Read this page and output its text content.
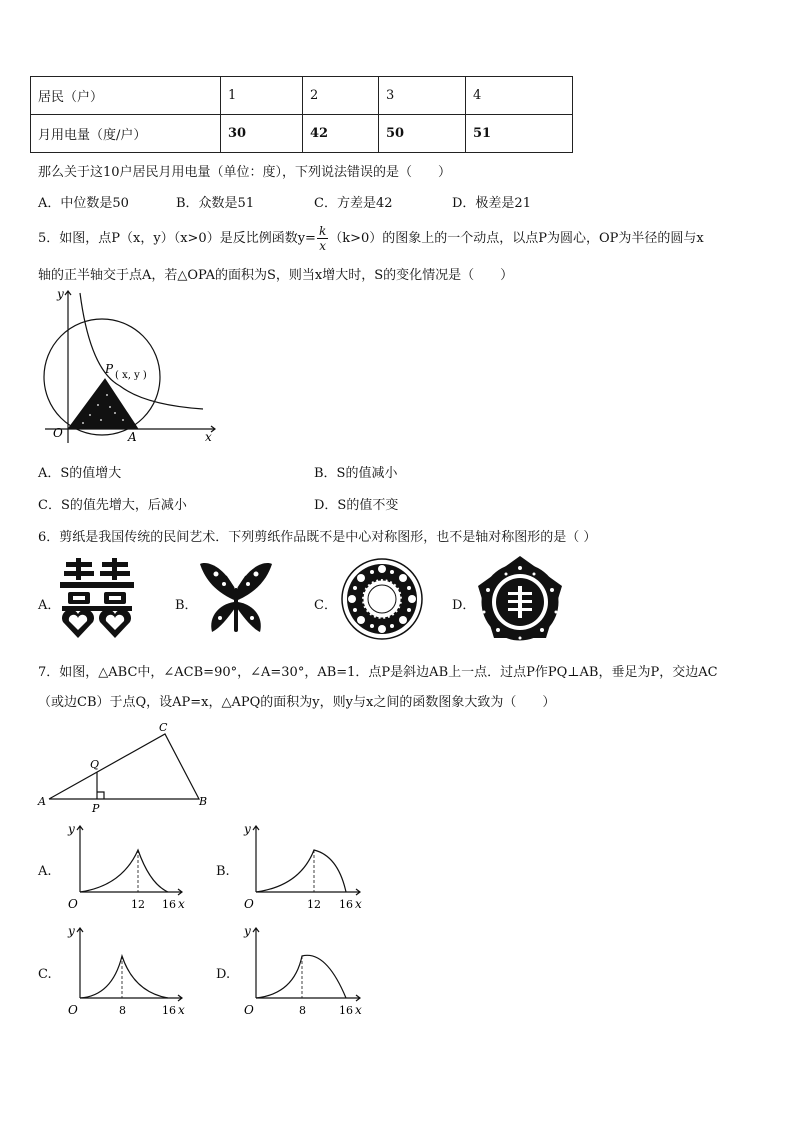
居民（户）	1	2	3	4
月用电量（度/户）	30	42	50	51
那么关于这10户居民月用电量（单位：度），下列说法错误的是（　　）
A．中位数是50	B．众数是51	C．方差是42	D．极差是21
5．如图，点P（x，y）（x>0）是反比例函数$y= \frac{k}{x} (k>0)$的图象上的一个动点，以点P为圆心，OP为半径的圆与x
轴的正半轴交于点A，若△OPA的面积为S，则当x增大时，S的变化情况是（　　）
P ( x, y )
O	A	x
y
A．S的值增大	B．S的值减小
C．S的值先增大，后减小	D．S的值不变
6．剪纸是我国传统的民间艺术．下列剪纸作品既不是中心对称图形，也不是轴对称图形的是（ ）
A．	B．	C．	D．
7．如图，△ABC中，∠ACB=90°，∠A=30°，AB=1．点P是斜边AB上一点．过点P作PQ⊥AB，垂足为P，交边AC
（或边CB）于点Q，设AP=x，△APQ的面积为y，则y与x之间的函数图象大致为（　　）
A	B
C
P
Q
A.
y
O	12 16 x
B.
y
O	12 16 x
C.
y
O	8	16 x
D.
y
O	8	16 x
